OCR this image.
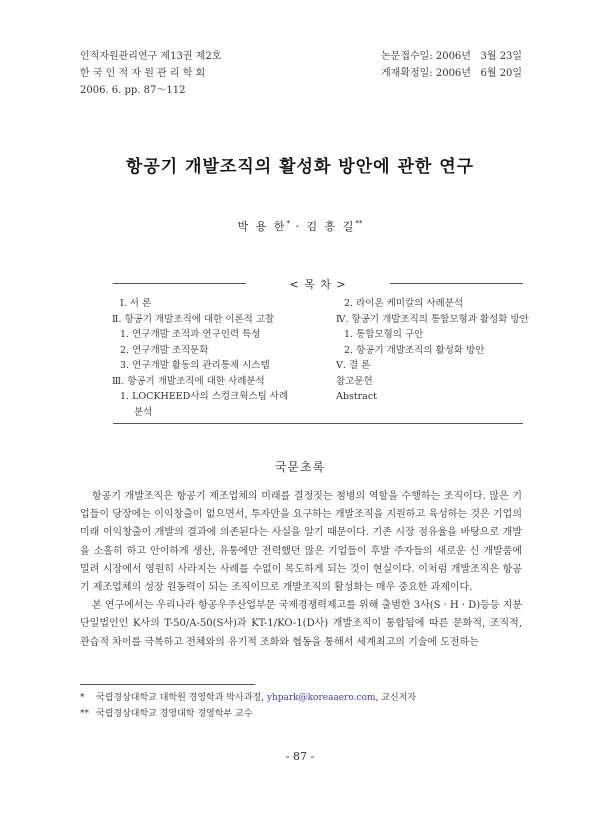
인적자원관리연구 제13권 제2호
한 국 인 적 자 원 관 리 학 회
2006. 6. pp. 87～112
논문접수일: 2006년   3월 23일
게재확정일: 2006년   6월 20일
항공기 개발조직의 활성화 방안에 관한 연구
박 용 한* · 김 흥 길**
< 목 차 >
Ⅰ. 서 론
Ⅱ. 항공기 개발조직에 대한 이론적 고찰
1. 연구개발 조직과 연구인력 특성
2. 연구개발 조직문화
3. 연구개발 활동의 관리통제 시스템
Ⅲ. 항공기 개발조직에 대한 사례분석
1. LOCKHEED사의 스컹크웍스팀 사례
분석
2. 라이온 케미칼의 사례분석
Ⅳ. 항공기 개발조직의 통합모형과 활성화 방안
1. 통합모형의 구안
2. 항공기 개발조직의 활성화 방안
Ⅴ. 결 론
참고문헌
Abstract
국문초록

항공기 개발조직은 항공기 제조업체의 미래를 결정짓는 첨병의 역할을 수행하는 조직이다. 많은 기업들이 당장에는 이익창출이 없으면서, 투자만을 요구하는 개발조직을 지원하고 육성하는 것은 기업의 미래 이익창출이 개발의 결과에 의존된다는 사실을 알기 때문이다. 기존 시장 점유율을 바탕으로 개발을 소홀히 하고 안이하게 생산, 유통에만 전력했던 많은 기업들이 후발 주자들의 새로운 신 개발품에 밀려 시장에서 영원히 사라지는 사례를 수없이 목도하게 되는 것이 현실이다. 이처럼 개발조직은 항공기 제조업체의 성장 원동력이 되는 조직이므로 개발조직의 활성화는 매우 중요한 과제이다.

본 연구에서는 우리나라 항공우주산업부문 국제경쟁력제고를 위해 출범한 3사(S · H · D)등등 지분 단일법인인 K사의 T-50/A-50(S사)과 KT-1/KO-1(D사) 개발조직이 통합됨에 따른 문화적, 조직적, 관습적 차이를 극복하고 전체와의 유기적 조화와 협동을 통해서 세계최고의 기술에 도전하는

* 국립경상대학교 대학원 경영학과 박사과정, yhpark@koreaaero.com, 교신저자
** 국립경상대학교 경영대학 경영학부 교수
- 87 -
